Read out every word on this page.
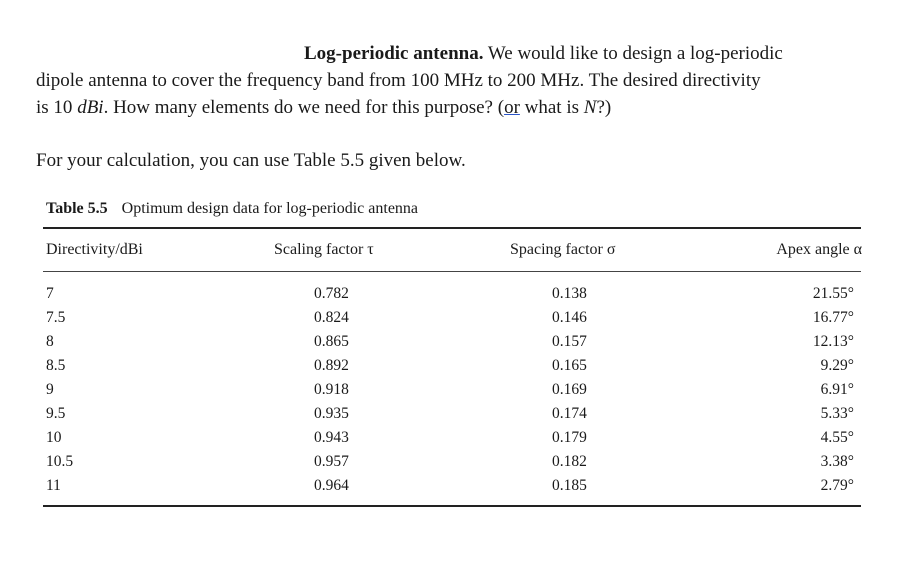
Log-periodic antenna. We would like to design a log-periodic

dipole antenna to cover the frequency band from 100 MHz to 200 MHz. The desired directivity

is 10 dBi. How many elements do we need for this purpose? (or what is N?)

For your calculation, you can use Table 5.5 given below.
Table 5.5 Optimum design data for log-periodic antenna
Directivity/dBi	Scaling factor τ	Spacing factor σ	Apex angle α
7	0.782	0.138	21.55°
7.5	0.824	0.146	16.77°
8	0.865	0.157	12.13°
8.5	0.892	0.165	9.29°
9	0.918	0.169	6.91°
9.5	0.935	0.174	5.33°
10	0.943	0.179	4.55°
10.5	0.957	0.182	3.38°
11	0.964	0.185	2.79°
